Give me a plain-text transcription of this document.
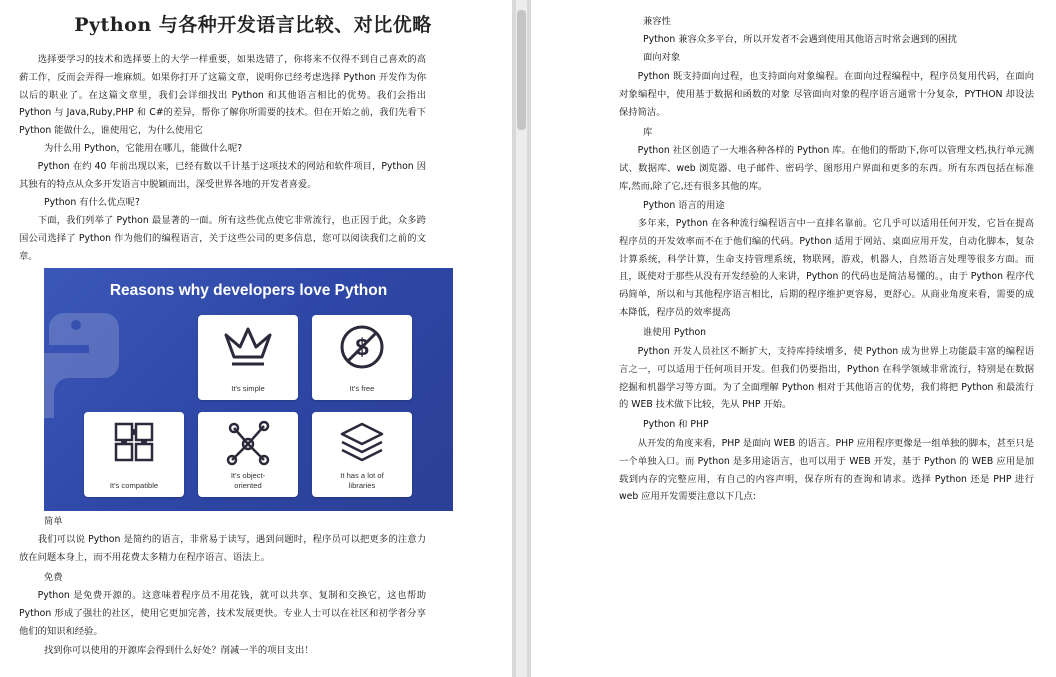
Python 与各种开发语言比较、对比优略
选择要学习的技术和选择要上的大学一样重要，如果选错了，你将来不仅得不到自己喜欢的高薪工作，反而会弄得一堆麻烦。如果你打开了这篇文章，说明你已经考虑选择 Python 开发作为你以后的职业了。在这篇文章里，我们会详细找出 Python 和其他语言相比的优势。我们会指出 Python 与 Java,Ruby,PHP 和 C#的差异，帮你了解你所需要的技术。但在开始之前，我们先看下 Python 能做什么，谁使用它，为什么使用它
为什么用 Python，它能用在哪儿，能做什么呢?
Python 在约 40 年前出现以来，已经有数以千计基于这项技术的网站和软件项目，Python 因其独有的特点从众多开发语言中脱颖而出，深受世界各地的开发者喜爱。
Python 有什么优点呢?
下面，我们列举了 Python 最显著的一面。所有这些优点使它非常流行，也正因于此，众多跨国公司选择了 Python 作为他们的编程语言，关于这些公司的更多信息，您可以阅读我们之前的文章。
Reasons why developers love Python
It's simple
$
It's free
It's compatible
It's object-
oriented
It has a lot of
libraries
简单
我们可以说 Python 是简约的语言，非常易于读写，遇到问题时，程序员可以把更多的注意力放在问题本身上，而不用花费太多精力在程序语言、语法上。
免费
Python 是免费开源的。这意味着程序员不用花钱，就可以共享、复制和交换它，这也帮助 Python 形成了强壮的社区，使用它更加完善，技术发展更快。专业人士可以在社区和初学者分享他们的知识和经验。
找到你可以使用的开源库会得到什么好处？削减一半的项目支出！
兼容性
Python 兼容众多平台，所以开发者不会遇到使用其他语言时常会遇到的困扰
面向对象
Python 既支持面向过程，也支持面向对象编程。在面向过程编程中，程序员复用代码，在面向对象编程中，使用基于数据和函数的对象 尽管面向对象的程序语言通常十分复杂，PYTHON 却设法保持简洁。
库
Python 社区创造了一大堆各种各样的 Python 库。在他们的帮助下,你可以管理文档,执行单元测试、数据库、web 浏览器、电子邮件、密码学、图形用户界面和更多的东西。所有东西包括在标准库,然而,除了它,还有很多其他的库。
Python 语言的用途
多年来，Python 在各种流行编程语言中一直排名靠前。它几乎可以适用任何开发，它旨在提高程序员的开发效率而不在于他们编的代码。Python 适用于网站、桌面应用开发，自动化脚本，复杂计算系统，科学计算，生命支持管理系统，物联网，游戏，机器人，自然语言处理等很多方面。而且，既使对于那些从没有开发经验的人来讲，Python 的代码也是简洁易懂的。，由于 Python 程序代码简单，所以和与其他程序语言相比，后期的程序维护更容易，更舒心。从商业角度来看，需要的成本降低，程序员的效率提高
谁使用 Python
Python 开发人员社区不断扩大，支持库持续增多，使 Python 成为世界上功能最丰富的编程语言之一，可以适用于任何项目开发。但我们仍要指出，Python 在科学领域非常流行，特别是在数据挖掘和机器学习等方面。为了全面理解 Python 相对于其他语言的优势，我们将把 Python 和最流行的 WEB 技术做下比较，先从 PHP 开始。
Python 和 PHP
从开发的角度来看，PHP 是面向 WEB 的语言。PHP 应用程序更像是一组单独的脚本，甚至只是一个单独入口。而 Python 是多用途语言，也可以用于 WEB 开发，基于 Python 的 WEB 应用是加载到内存的完整应用，有自己的内容声明，保存所有的查询和请求。选择 Python 还是 PHP 进行 web 应用开发需要注意以下几点:
